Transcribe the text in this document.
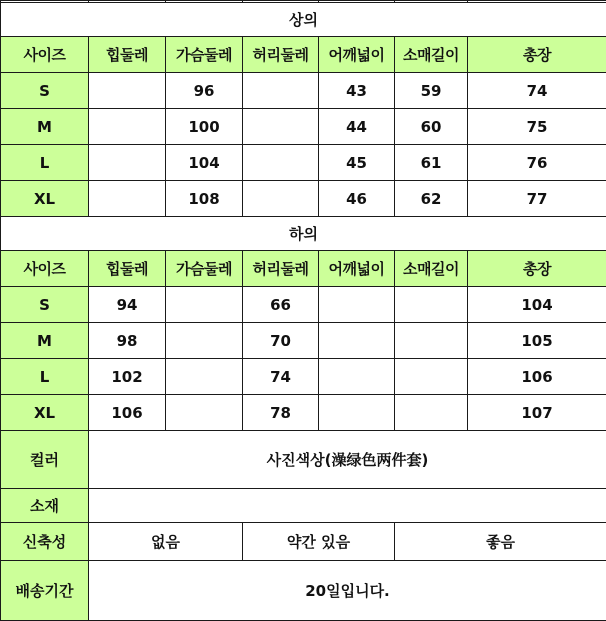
상의						
사이즈	힙둘레	가슴둘레	허리둘레	어깨넓이	소매길이	총장
S		96		43	59	74
M		100		44	60	75
L		104		45	61	76
XL		108		46	62	77
하의						
사이즈	힙둘레	가슴둘레	허리둘레	어깨넓이	소매길이	총장
S	94		66			104
M	98		70			105
L	102		74			106
XL	106		78			107
컬러	사진색상(澡绿色两件套)					
소재						
신축성	없음		약간 있음		좋음	
배송기간	20일입니다.					
